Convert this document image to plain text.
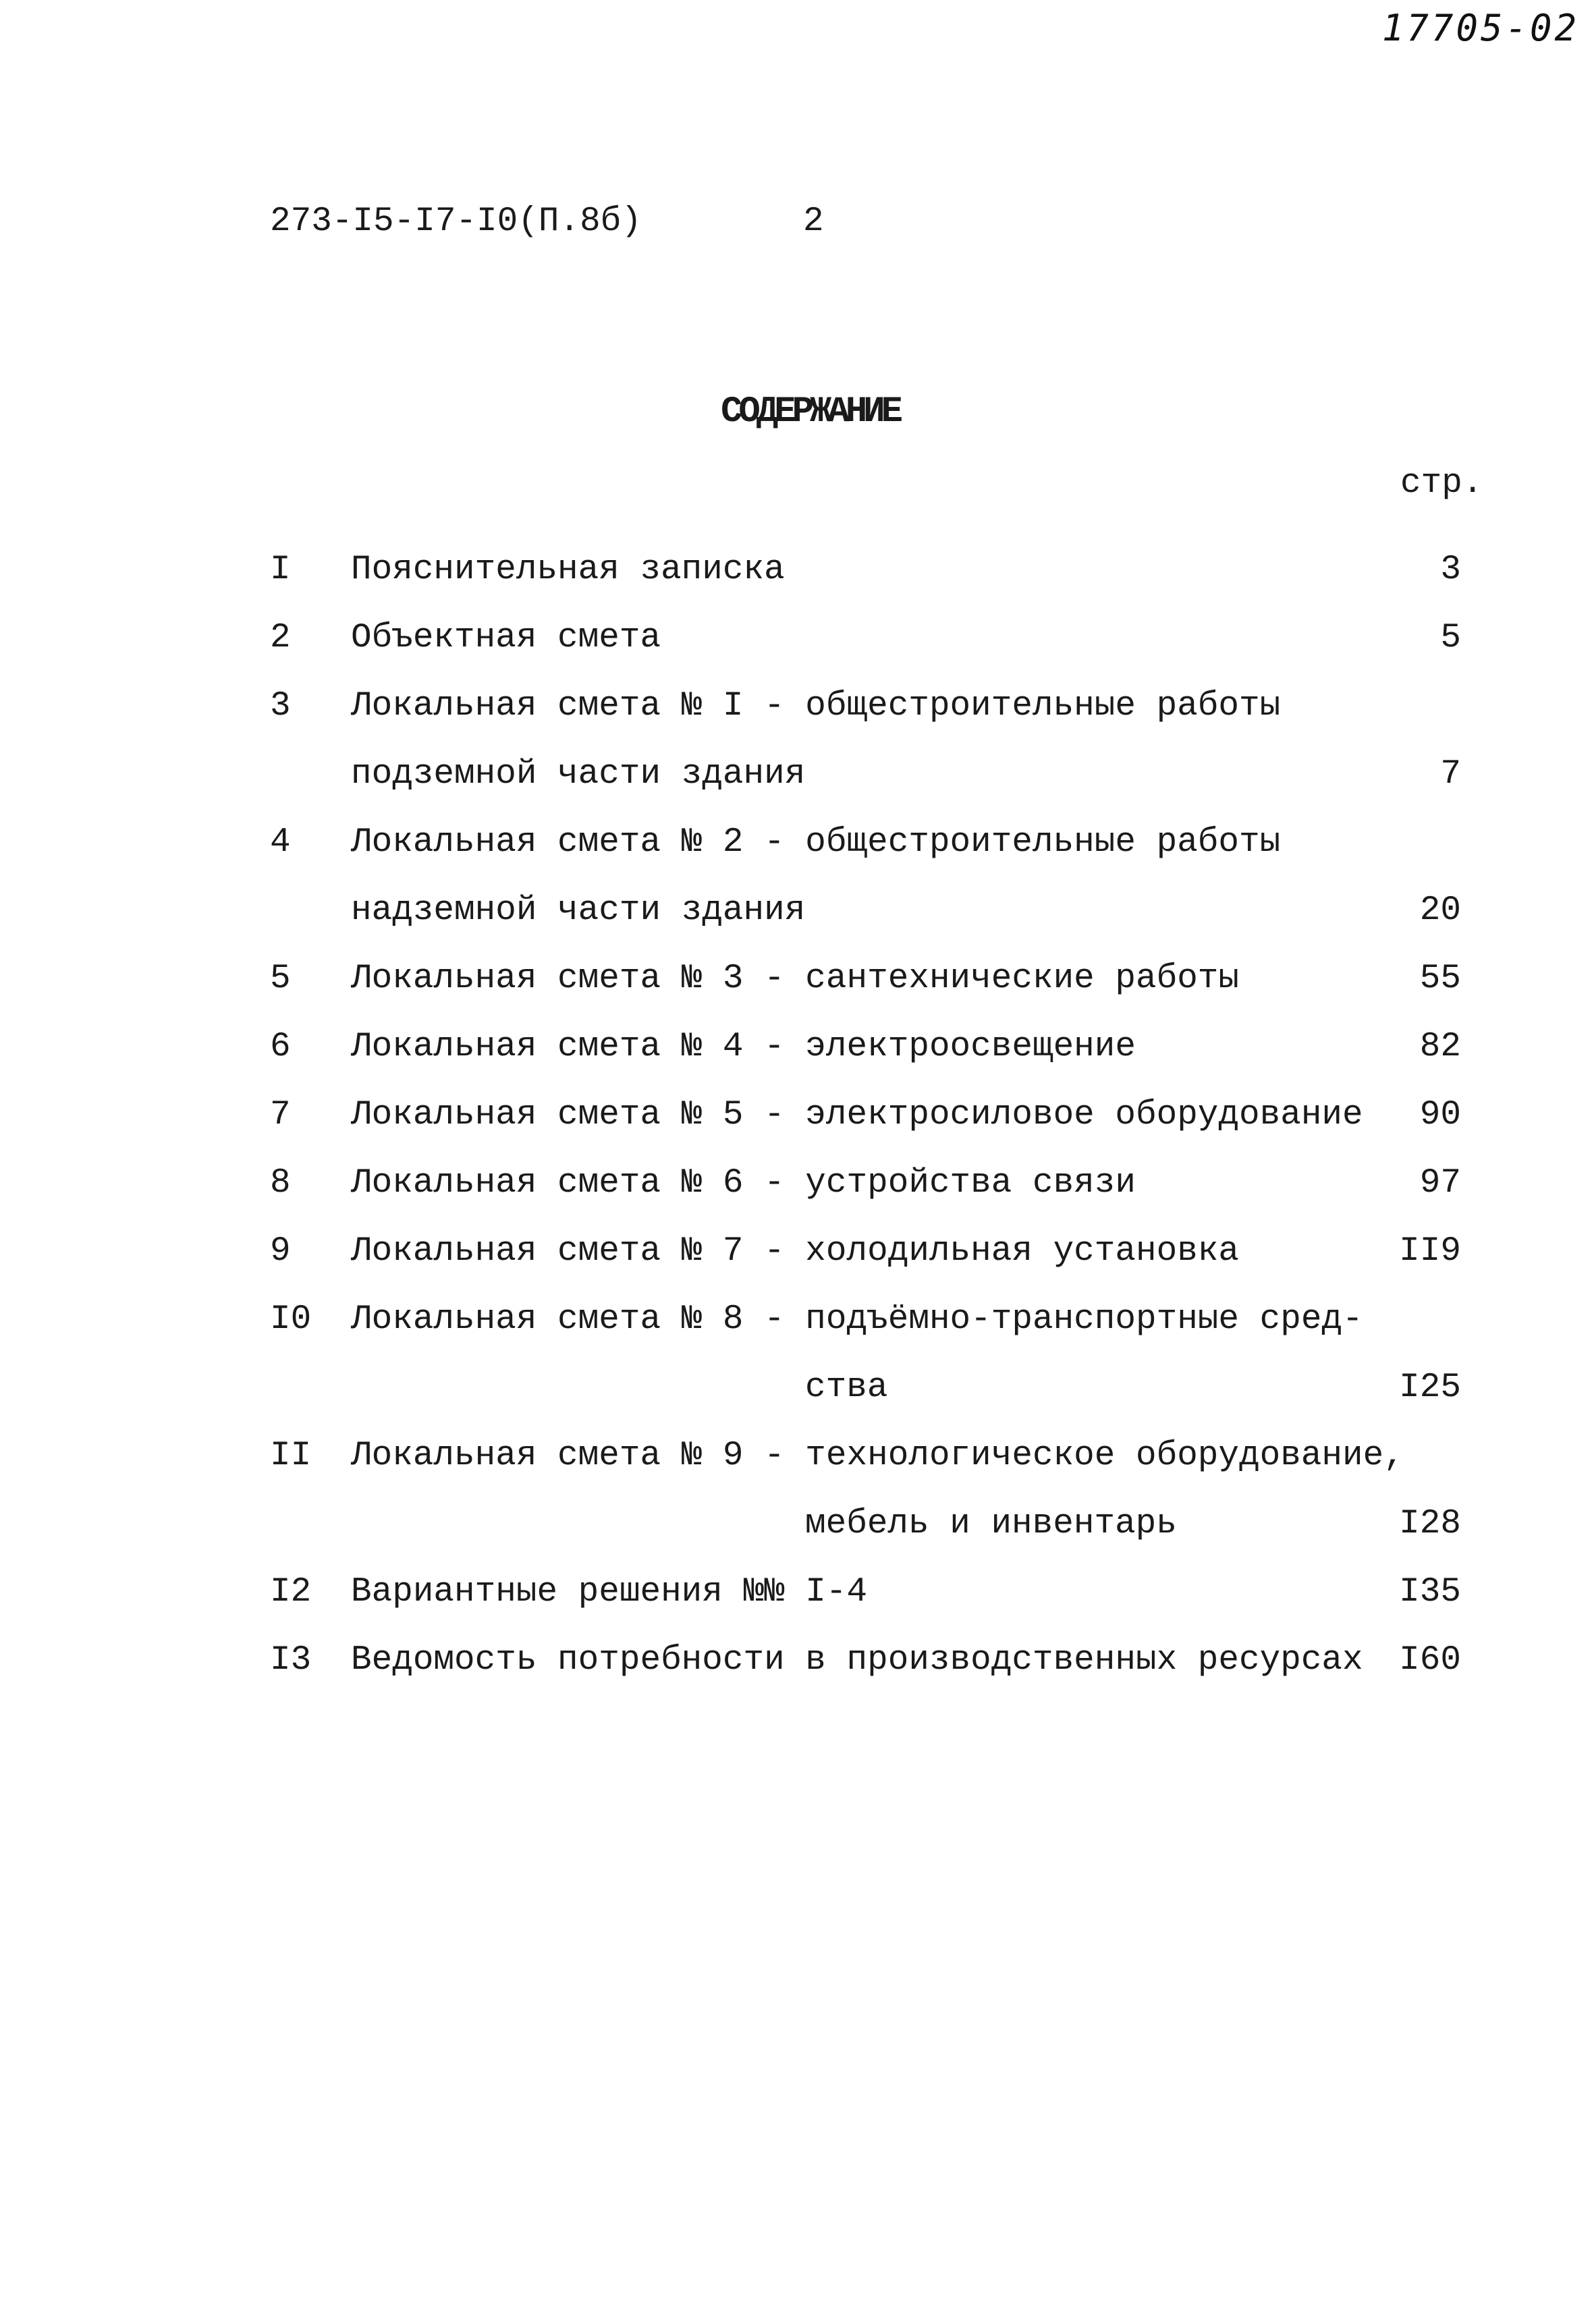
17705-02
273-I5-I7-I0(П.8б)	2
СОДЕРЖАНИЕ
стр.
I	Пояснительная записка	3
2	Объектная смета	5
3	Локальная смета № I - общестроительные работы
подземной части здания	7
4	Локальная смета № 2 - общестроительные работы
надземной части здания	20
5	Локальная смета № 3 - сантехнические работы	55
6	Локальная смета № 4 - электроосвещение	82
7	Локальная смета № 5 - электросиловое оборудование 90
8	Локальная смета № 6 - устройства связи	97
9	Локальная смета № 7 - холодильная установка	II9
I0	Локальная смета № 8 - подъёмно-транспортные сред-
ства	I25
II	Локальная смета № 9 - технологическое оборудование,
мебель и инвентарь	I28
I2	Вариантные решения №№ I-4	I35
I3	Ведомость потребности в производственных ресурсах I60
